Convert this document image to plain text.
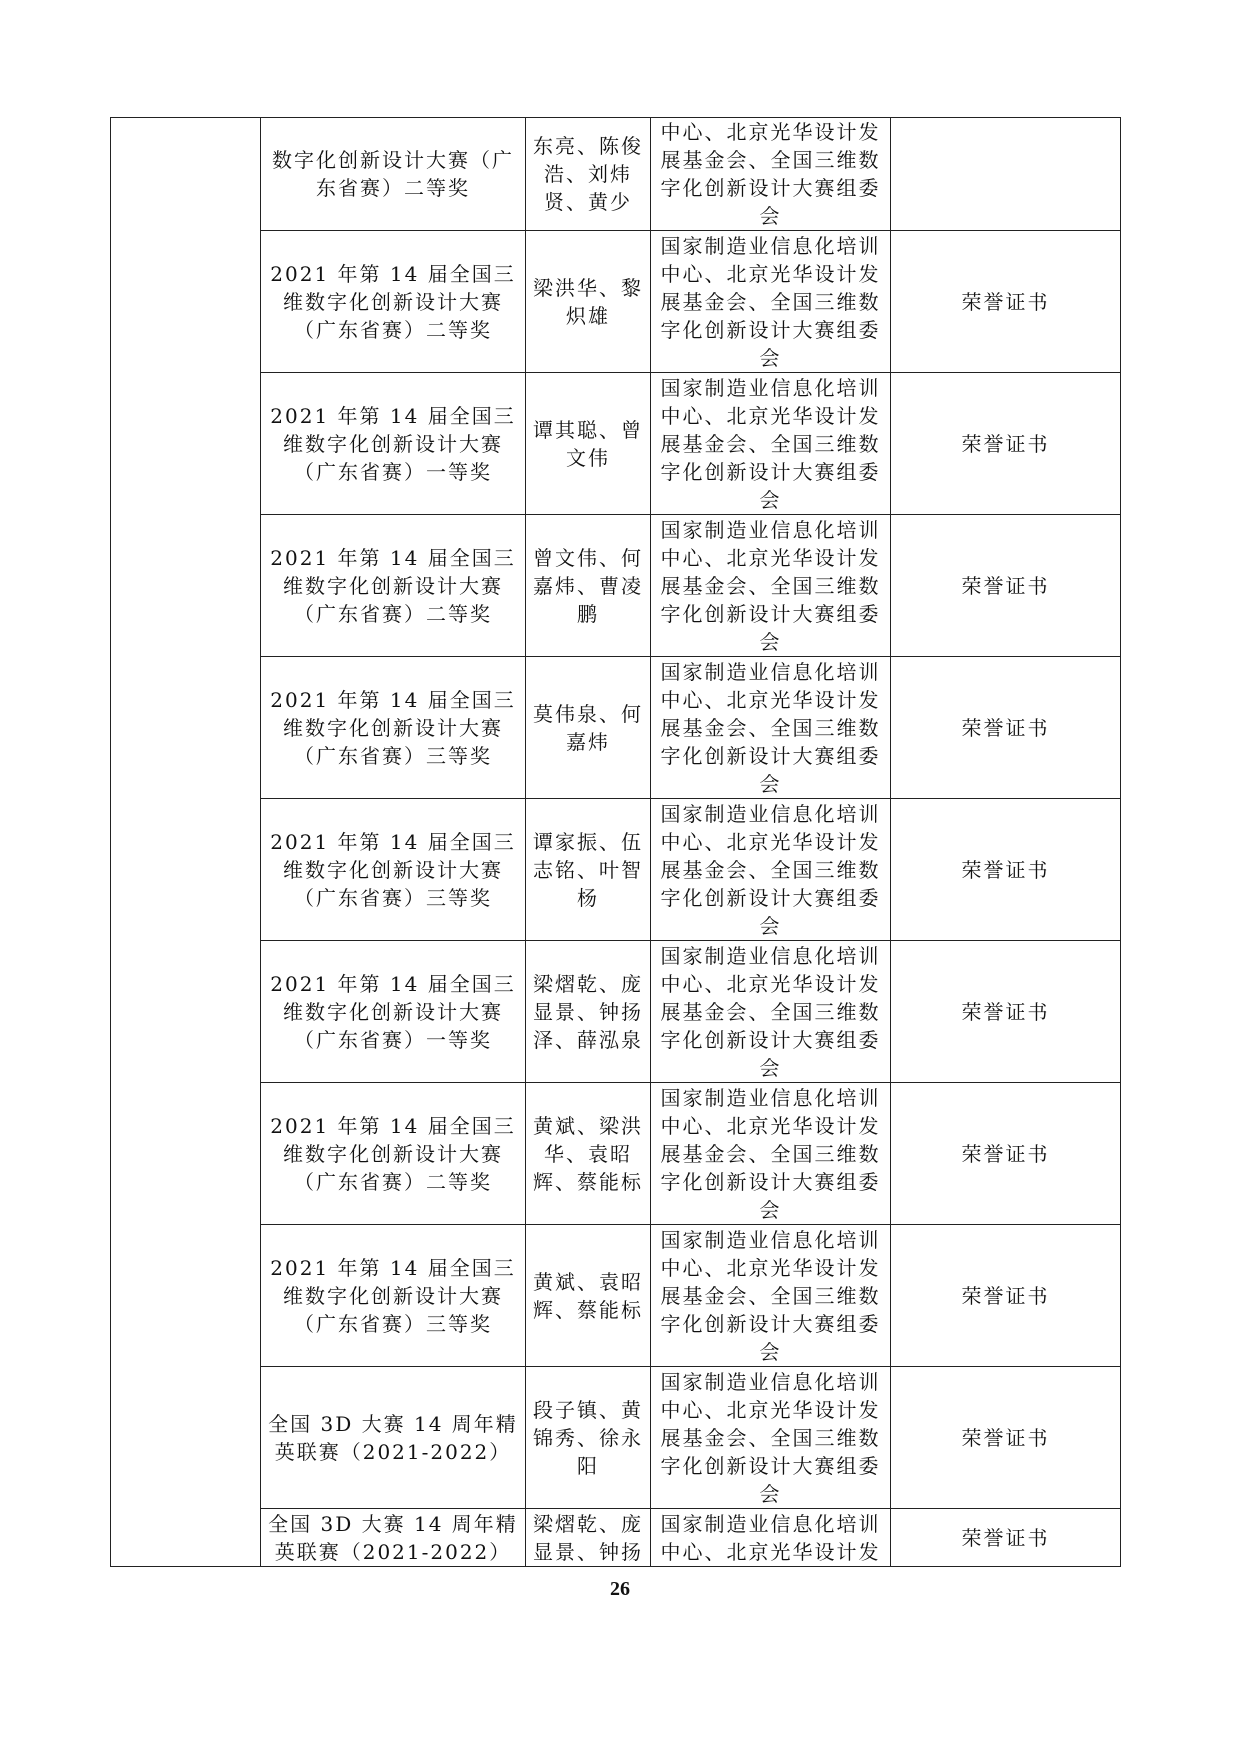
	数字化创新设计大赛（广东省赛）二等奖	东亮、陈俊浩、刘炜贤、黄少	中心、北京光华设计发展基金会、全国三维数字化创新设计大赛组委会	

	2021 年第 14 届全国三维数字化创新设计大赛（广东省赛）二等奖	梁洪华、黎炽雄	国家制造业信息化培训中心、北京光华设计发展基金会、全国三维数字化创新设计大赛组委会	荣誉证书

	2021 年第 14 届全国三维数字化创新设计大赛（广东省赛）一等奖	谭其聪、曾文伟	国家制造业信息化培训中心、北京光华设计发展基金会、全国三维数字化创新设计大赛组委会	荣誉证书

	2021 年第 14 届全国三维数字化创新设计大赛（广东省赛）二等奖	曾文伟、何嘉炜、曹凌鹏	国家制造业信息化培训中心、北京光华设计发展基金会、全国三维数字化创新设计大赛组委会	荣誉证书

	2021 年第 14 届全国三维数字化创新设计大赛（广东省赛）三等奖	莫伟泉、何嘉炜	国家制造业信息化培训中心、北京光华设计发展基金会、全国三维数字化创新设计大赛组委会	荣誉证书

	2021 年第 14 届全国三维数字化创新设计大赛（广东省赛）三等奖	谭家振、伍志铭、叶智杨	国家制造业信息化培训中心、北京光华设计发展基金会、全国三维数字化创新设计大赛组委会	荣誉证书

	2021 年第 14 届全国三维数字化创新设计大赛（广东省赛）一等奖	梁熠乾、庞显景、钟扬泽、薛泓泉	国家制造业信息化培训中心、北京光华设计发展基金会、全国三维数字化创新设计大赛组委会	荣誉证书

	2021 年第 14 届全国三维数字化创新设计大赛（广东省赛）二等奖	黄斌、梁洪华、袁昭辉、蔡能标	国家制造业信息化培训中心、北京光华设计发展基金会、全国三维数字化创新设计大赛组委会	荣誉证书

	2021 年第 14 届全国三维数字化创新设计大赛（广东省赛）三等奖	黄斌、袁昭辉、蔡能标	国家制造业信息化培训中心、北京光华设计发展基金会、全国三维数字化创新设计大赛组委会	荣誉证书

	全国 3D 大赛 14 周年精英联赛（2021-2022）	段子镇、黄锦秀、徐永阳	国家制造业信息化培训中心、北京光华设计发展基金会、全国三维数字化创新设计大赛组委会	荣誉证书

	全国 3D 大赛 14 周年精英联赛（2021-2022）	梁熠乾、庞显景、钟扬	国家制造业信息化培训中心、北京光华设计发	荣誉证书
26
